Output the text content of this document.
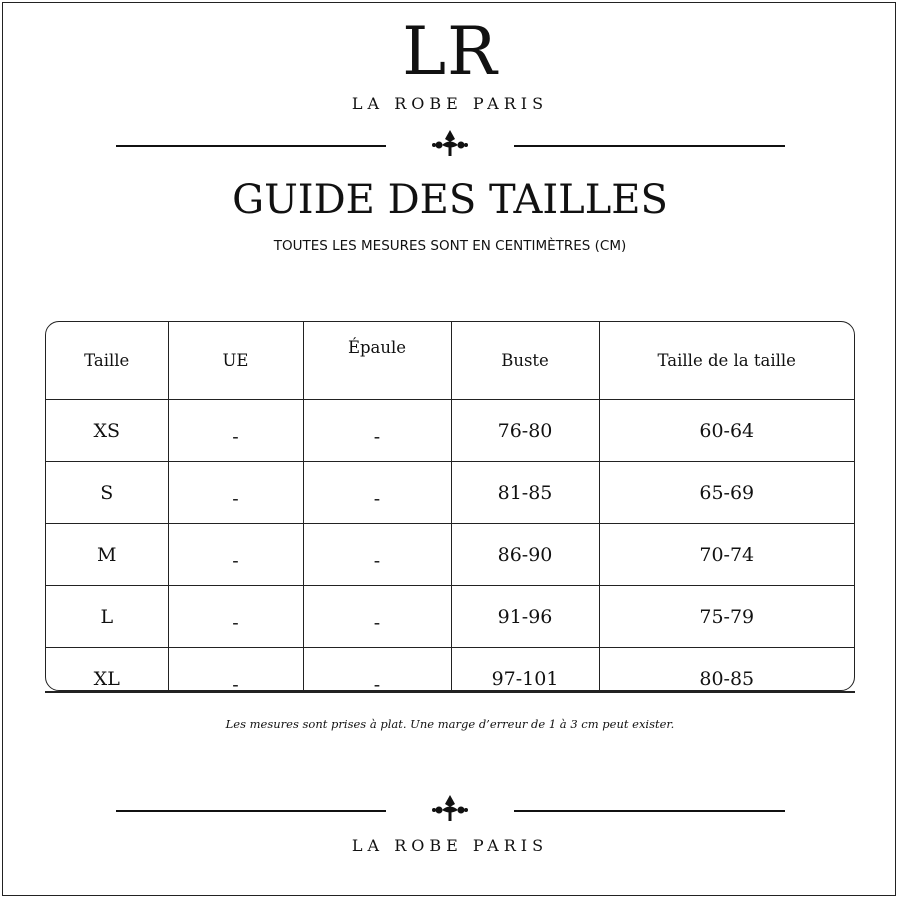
LR
LA ROBE PARIS
GUIDE DES TAILLES
TOUTES LES MESURES SONT EN CENTIMÈTRES (CM)
Taille	UE	Épaule	Buste	Taille de la taille
XS	-	-	76-80	60-64
S	-	-	81-85	65-69
M	-	-	86-90	70-74
L	-	-	91-96	75-79
XL	-	-	97-101	80-85
Les mesures sont prises à plat. Une marge d’erreur de 1 à 3 cm peut exister.
LA ROBE PARIS
